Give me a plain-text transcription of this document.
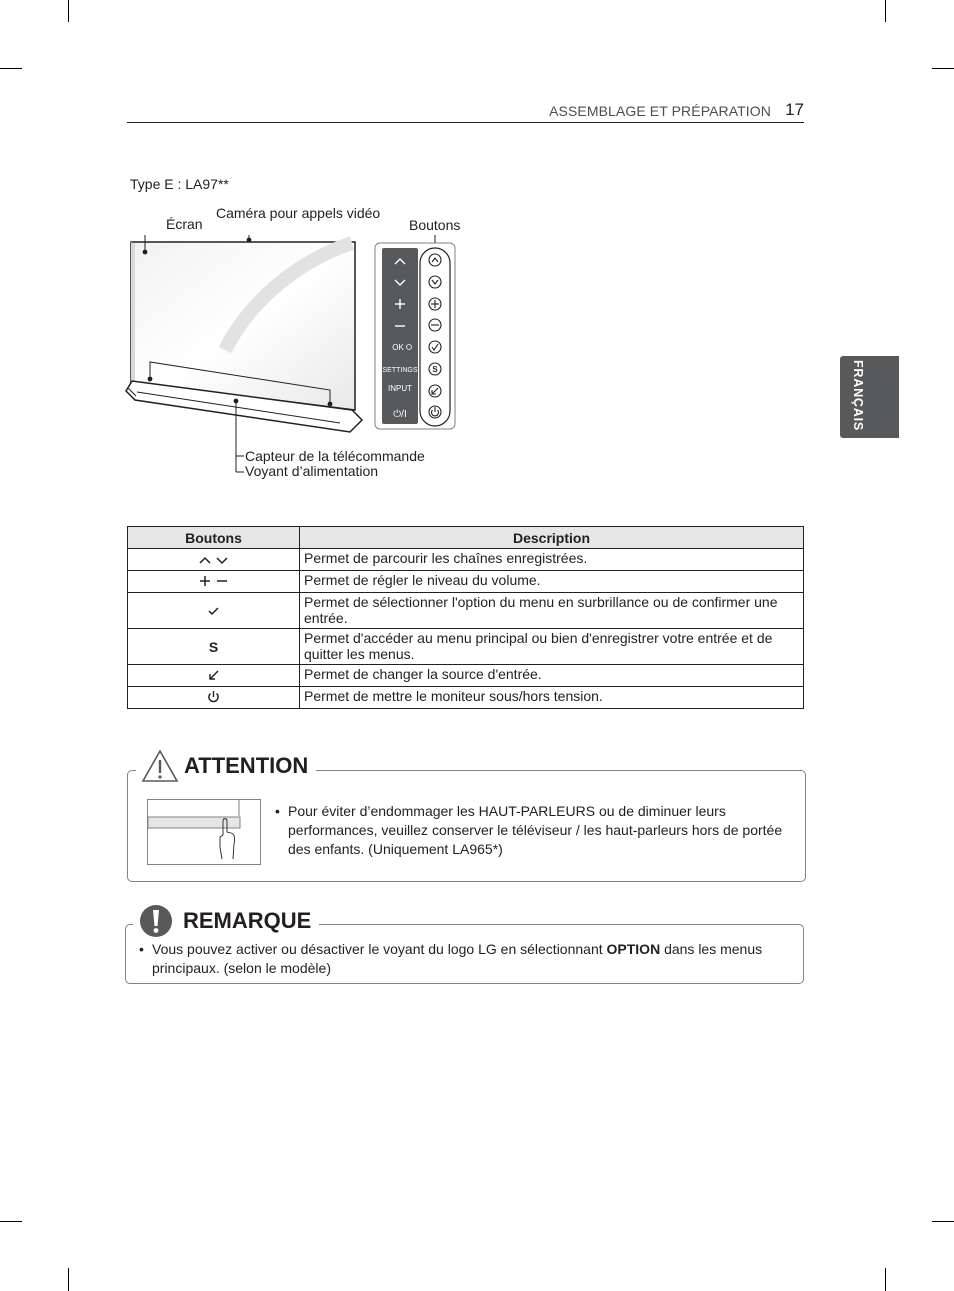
ASSEMBLAGE ET PRÉPARATION 17
FRANÇAIS
Type E : LA97**
Écran
Caméra pour appels vidéo
Boutons
Capteur de la télécommande
Voyant d’alimentation
OK
SETTINGS
INPUT
⏻/I
S
Boutons	Description
	Permet de parcourir les chaînes enregistrées.
	Permet de régler le niveau du volume.
	Permet de sélectionner l'option du menu en surbrillance ou de confirmer une entrée.
S	Permet d'accéder au menu principal ou bien d'enregistrer votre entrée et de quitter les menus.
	Permet de changer la source d'entrée.
	Permet de mettre le moniteur sous/hors tension.
ATTENTION
• Pour éviter d’endommager les HAUT-PARLEURS ou de diminuer leurs performances, veuillez conserver le téléviseur / les haut-parleurs hors de portée des enfants. (Uniquement LA965*)
REMARQUE
• Vous pouvez activer ou désactiver le voyant du logo LG en sélectionnant OPTION dans les menus principaux. (selon le modèle)
